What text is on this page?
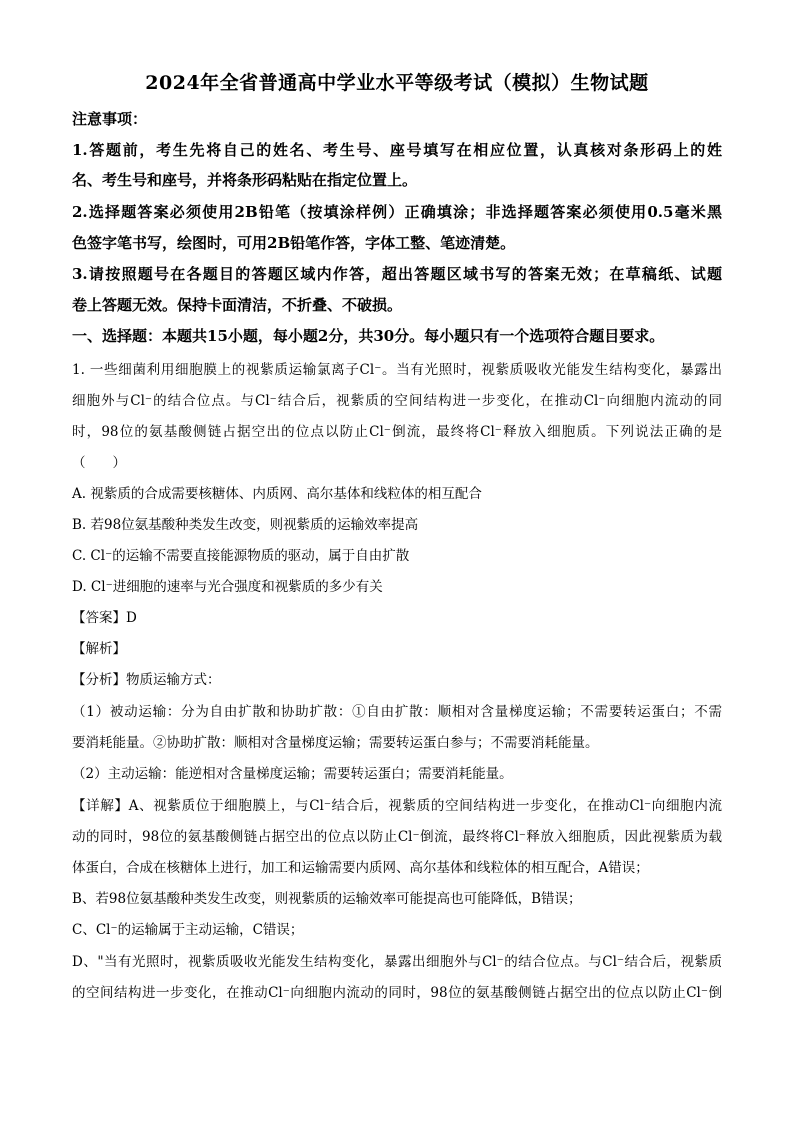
2024年全省普通高中学业水平等级考试（模拟）生物试题
注意事项：
1.答题前，考生先将自己的姓名、考生号、座号填写在相应位置，认真核对条形码上的姓
名、考生号和座号，并将条形码粘贴在指定位置上。
2.选择题答案必须使用2B铅笔（按填涂样例）正确填涂；非选择题答案必须使用0.5毫米黑
色签字笔书写，绘图时，可用2B铅笔作答，字体工整、笔迹清楚。
3.请按照题号在各题目的答题区域内作答，超出答题区域书写的答案无效；在草稿纸、试题
卷上答题无效。保持卡面清洁，不折叠、不破损。
一、选择题：本题共15小题，每小题2分，共30分。每小题只有一个选项符合题目要求。
1. 一些细菌利用细胞膜上的视紫质运输氯离子Cl⁻。当有光照时，视紫质吸收光能发生结构变化，暴露出
细胞外与Cl⁻的结合位点。与Cl⁻结合后，视紫质的空间结构进一步变化，在推动Cl⁻向细胞内流动的同
时，98位的氨基酸侧链占据空出的位点以防止Cl⁻倒流，最终将Cl⁻释放入细胞质。下列说法正确的是
（　　）
A. 视紫质的合成需要核糖体、内质网、高尔基体和线粒体的相互配合
B. 若98位氨基酸种类发生改变，则视紫质的运输效率提高
C. Cl⁻的运输不需要直接能源物质的驱动，属于自由扩散
D. Cl⁻进细胞的速率与光合强度和视紫质的多少有关
【答案】D
【解析】
【分析】物质运输方式：
（1）被动运输：分为自由扩散和协助扩散：①自由扩散：顺相对含量梯度运输；不需要转运蛋白；不需
要消耗能量。②协助扩散：顺相对含量梯度运输；需要转运蛋白参与；不需要消耗能量。
（2）主动运输：能逆相对含量梯度运输；需要转运蛋白；需要消耗能量。
【详解】A、视紫质位于细胞膜上，与Cl⁻结合后，视紫质的空间结构进一步变化，在推动Cl⁻向细胞内流
动的同时，98位的氨基酸侧链占据空出的位点以防止Cl⁻倒流，最终将Cl⁻释放入细胞质，因此视紫质为载
体蛋白，合成在核糖体上进行，加工和运输需要内质网、高尔基体和线粒体的相互配合，A错误；
B、若98位氨基酸种类发生改变，则视紫质的运输效率可能提高也可能降低，B错误；
C、Cl⁻的运输属于主动运输，C错误；
D、"当有光照时，视紫质吸收光能发生结构变化，暴露出细胞外与Cl⁻的结合位点。与Cl⁻结合后，视紫质
的空间结构进一步变化，在推动Cl⁻向细胞内流动的同时，98位的氨基酸侧链占据空出的位点以防止Cl⁻倒
